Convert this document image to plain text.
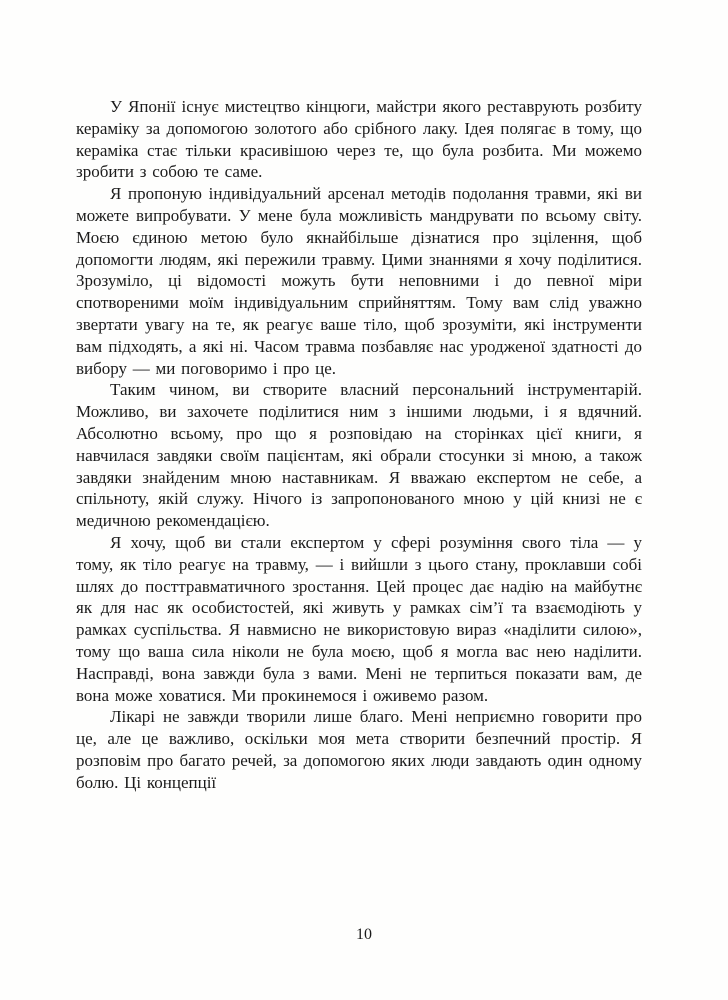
У Японії існує мистецтво кінцюги, майстри якого реставрують розбиту кераміку за допомогою золотого або срібного лаку. Ідея полягає в тому, що кераміка стає тільки красивішою через те, що була розбита. Ми можемо зробити з собою те саме.

Я пропоную індивідуальний арсенал методів подолання травми, які ви можете випробувати. У мене була можливість мандрувати по всьому світу. Моєю єдиною метою було якнайбільше дізнатися про зцілення, щоб допомогти людям, які пережили травму. Цими знаннями я хочу поділитися. Зрозуміло, ці відомості можуть бути неповними і до певної міри спотвореними моїм індивідуальним сприйняттям. Тому вам слід уважно звертати увагу на те, як реагує ваше тіло, щоб зрозуміти, які інструменти вам підходять, а які ні. Часом травма позбавляє нас уродженої здатності до вибору — ми поговоримо і про це.

Таким чином, ви створите власний персональний інструментарій. Можливо, ви захочете поділитися ним з іншими людьми, і я вдячний. Абсолютно всьому, про що я розповідаю на сторінках цієї книги, я навчилася завдяки своїм пацієнтам, які обрали стосунки зі мною, а також завдяки знайденим мною наставникам. Я вважаю експертом не себе, а спільноту, якій служу. Нічого із запропонованого мною у цій книзі не є медичною рекомендацією.

Я хочу, щоб ви стали експертом у сфері розуміння свого тіла — у тому, як тіло реагує на травму, — і вийшли з цього стану, проклавши собі шлях до посттравматичного зростання. Цей процес дає надію на майбутнє як для нас як особистостей, які живуть у рамках сім’ї та взаємодіють у рамках суспільства. Я навмисно не використовую вираз «наділити силою», тому що ваша сила ніколи не була моєю, щоб я могла вас нею наділити. Насправді, вона завжди була з вами. Мені не терпиться показати вам, де вона може ховатися. Ми прокинемося і оживемо разом.

Лікарі не завжди творили лише благо. Мені неприємно говорити про це, але це важливо, оскільки моя мета створити безпечний простір. Я розповім про багато речей, за допомогою яких люди завдають один одному болю. Ці концепції

10
